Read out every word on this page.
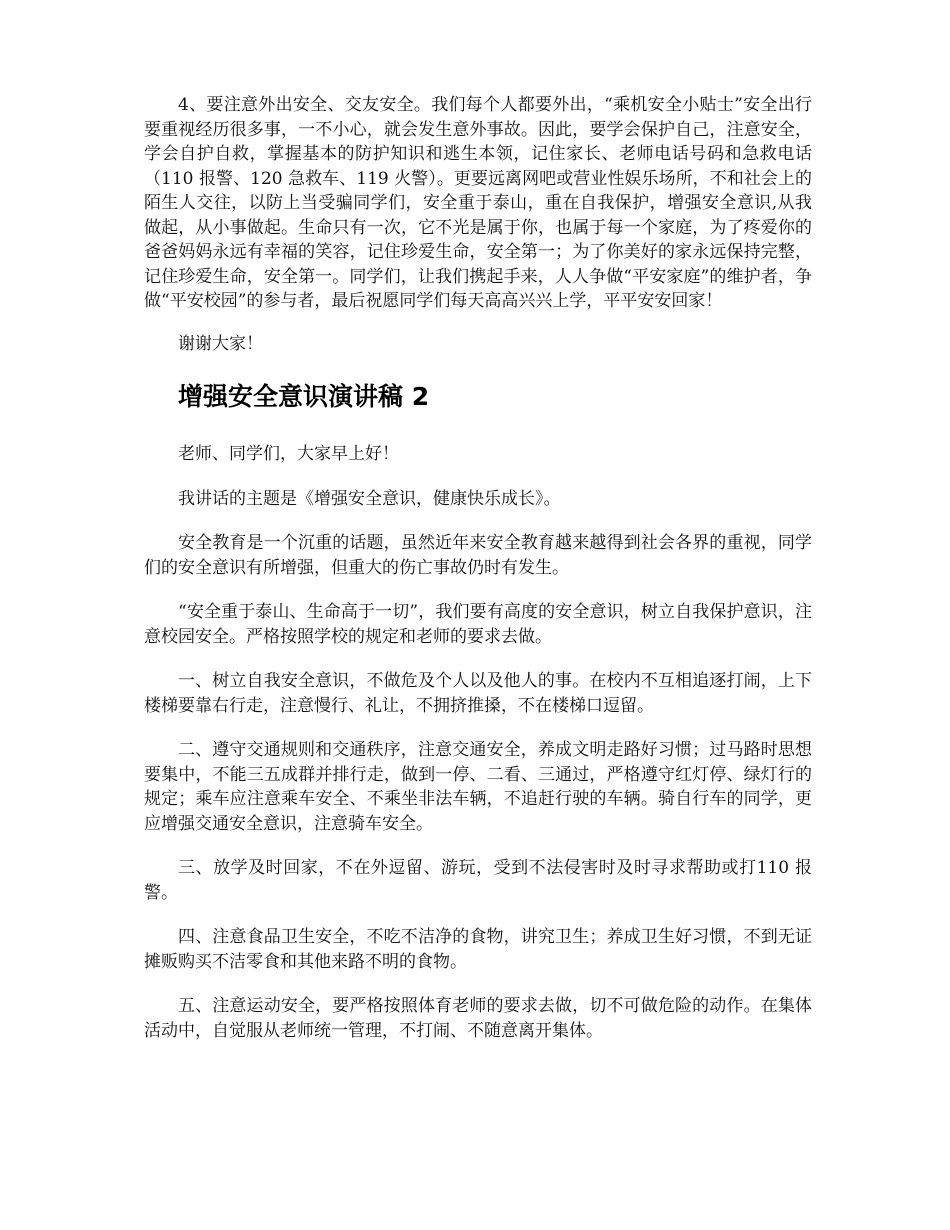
4、要注意外出安全、交友安全。我们每个人都要外出，“乘机安全小贴士”安全出行要重视经历很多事，一不小心，就会发生意外事故。因此，要学会保护自己，注意安全，学会自护自救，掌握基本的防护知识和逃生本领，记住家长、老师电话号码和急救电话（110 报警、120 急救车、119 火警）。更要远离网吧或营业性娱乐场所，不和社会上的陌生人交往，以防上当受骗同学们，安全重于泰山，重在自我保护，增强安全意识,从我做起，从小事做起。生命只有一次，它不光是属于你，也属于每一个家庭，为了疼爱你的爸爸妈妈永远有幸福的笑容，记住珍爱生命，安全第一；为了你美好的家永远保持完整，记住珍爱生命，安全第一。同学们，让我们携起手来，人人争做“平安家庭”的维护者，争做“平安校园”的参与者，最后祝愿同学们每天高高兴兴上学，平平安安回家！

谢谢大家！

增强安全意识演讲稿 2

老师、同学们，大家早上好！

我讲话的主题是《增强安全意识，健康快乐成长》。

安全教育是一个沉重的话题，虽然近年来安全教育越来越得到社会各界的重视，同学们的安全意识有所增强，但重大的伤亡事故仍时有发生。

“安全重于泰山、生命高于一切”，我们要有高度的安全意识，树立自我保护意识，注意校园安全。严格按照学校的规定和老师的要求去做。

一、树立自我安全意识，不做危及个人以及他人的事。在校内不互相追逐打闹，上下楼梯要靠右行走，注意慢行、礼让，不拥挤推搡，不在楼梯口逗留。

二、遵守交通规则和交通秩序，注意交通安全，养成文明走路好习惯；过马路时思想要集中，不能三五成群并排行走，做到一停、二看、三通过，严格遵守红灯停、绿灯行的规定；乘车应注意乘车安全、不乘坐非法车辆，不追赶行驶的车辆。骑自行车的同学，更应增强交通安全意识，注意骑车安全。

三、放学及时回家，不在外逗留、游玩，受到不法侵害时及时寻求帮助或打110 报警。

四、注意食品卫生安全，不吃不洁净的食物，讲究卫生；养成卫生好习惯，不到无证摊贩购买不洁零食和其他来路不明的食物。

五、注意运动安全，要严格按照体育老师的要求去做，切不可做危险的动作。在集体活动中，自觉服从老师统一管理，不打闹、不随意离开集体。
